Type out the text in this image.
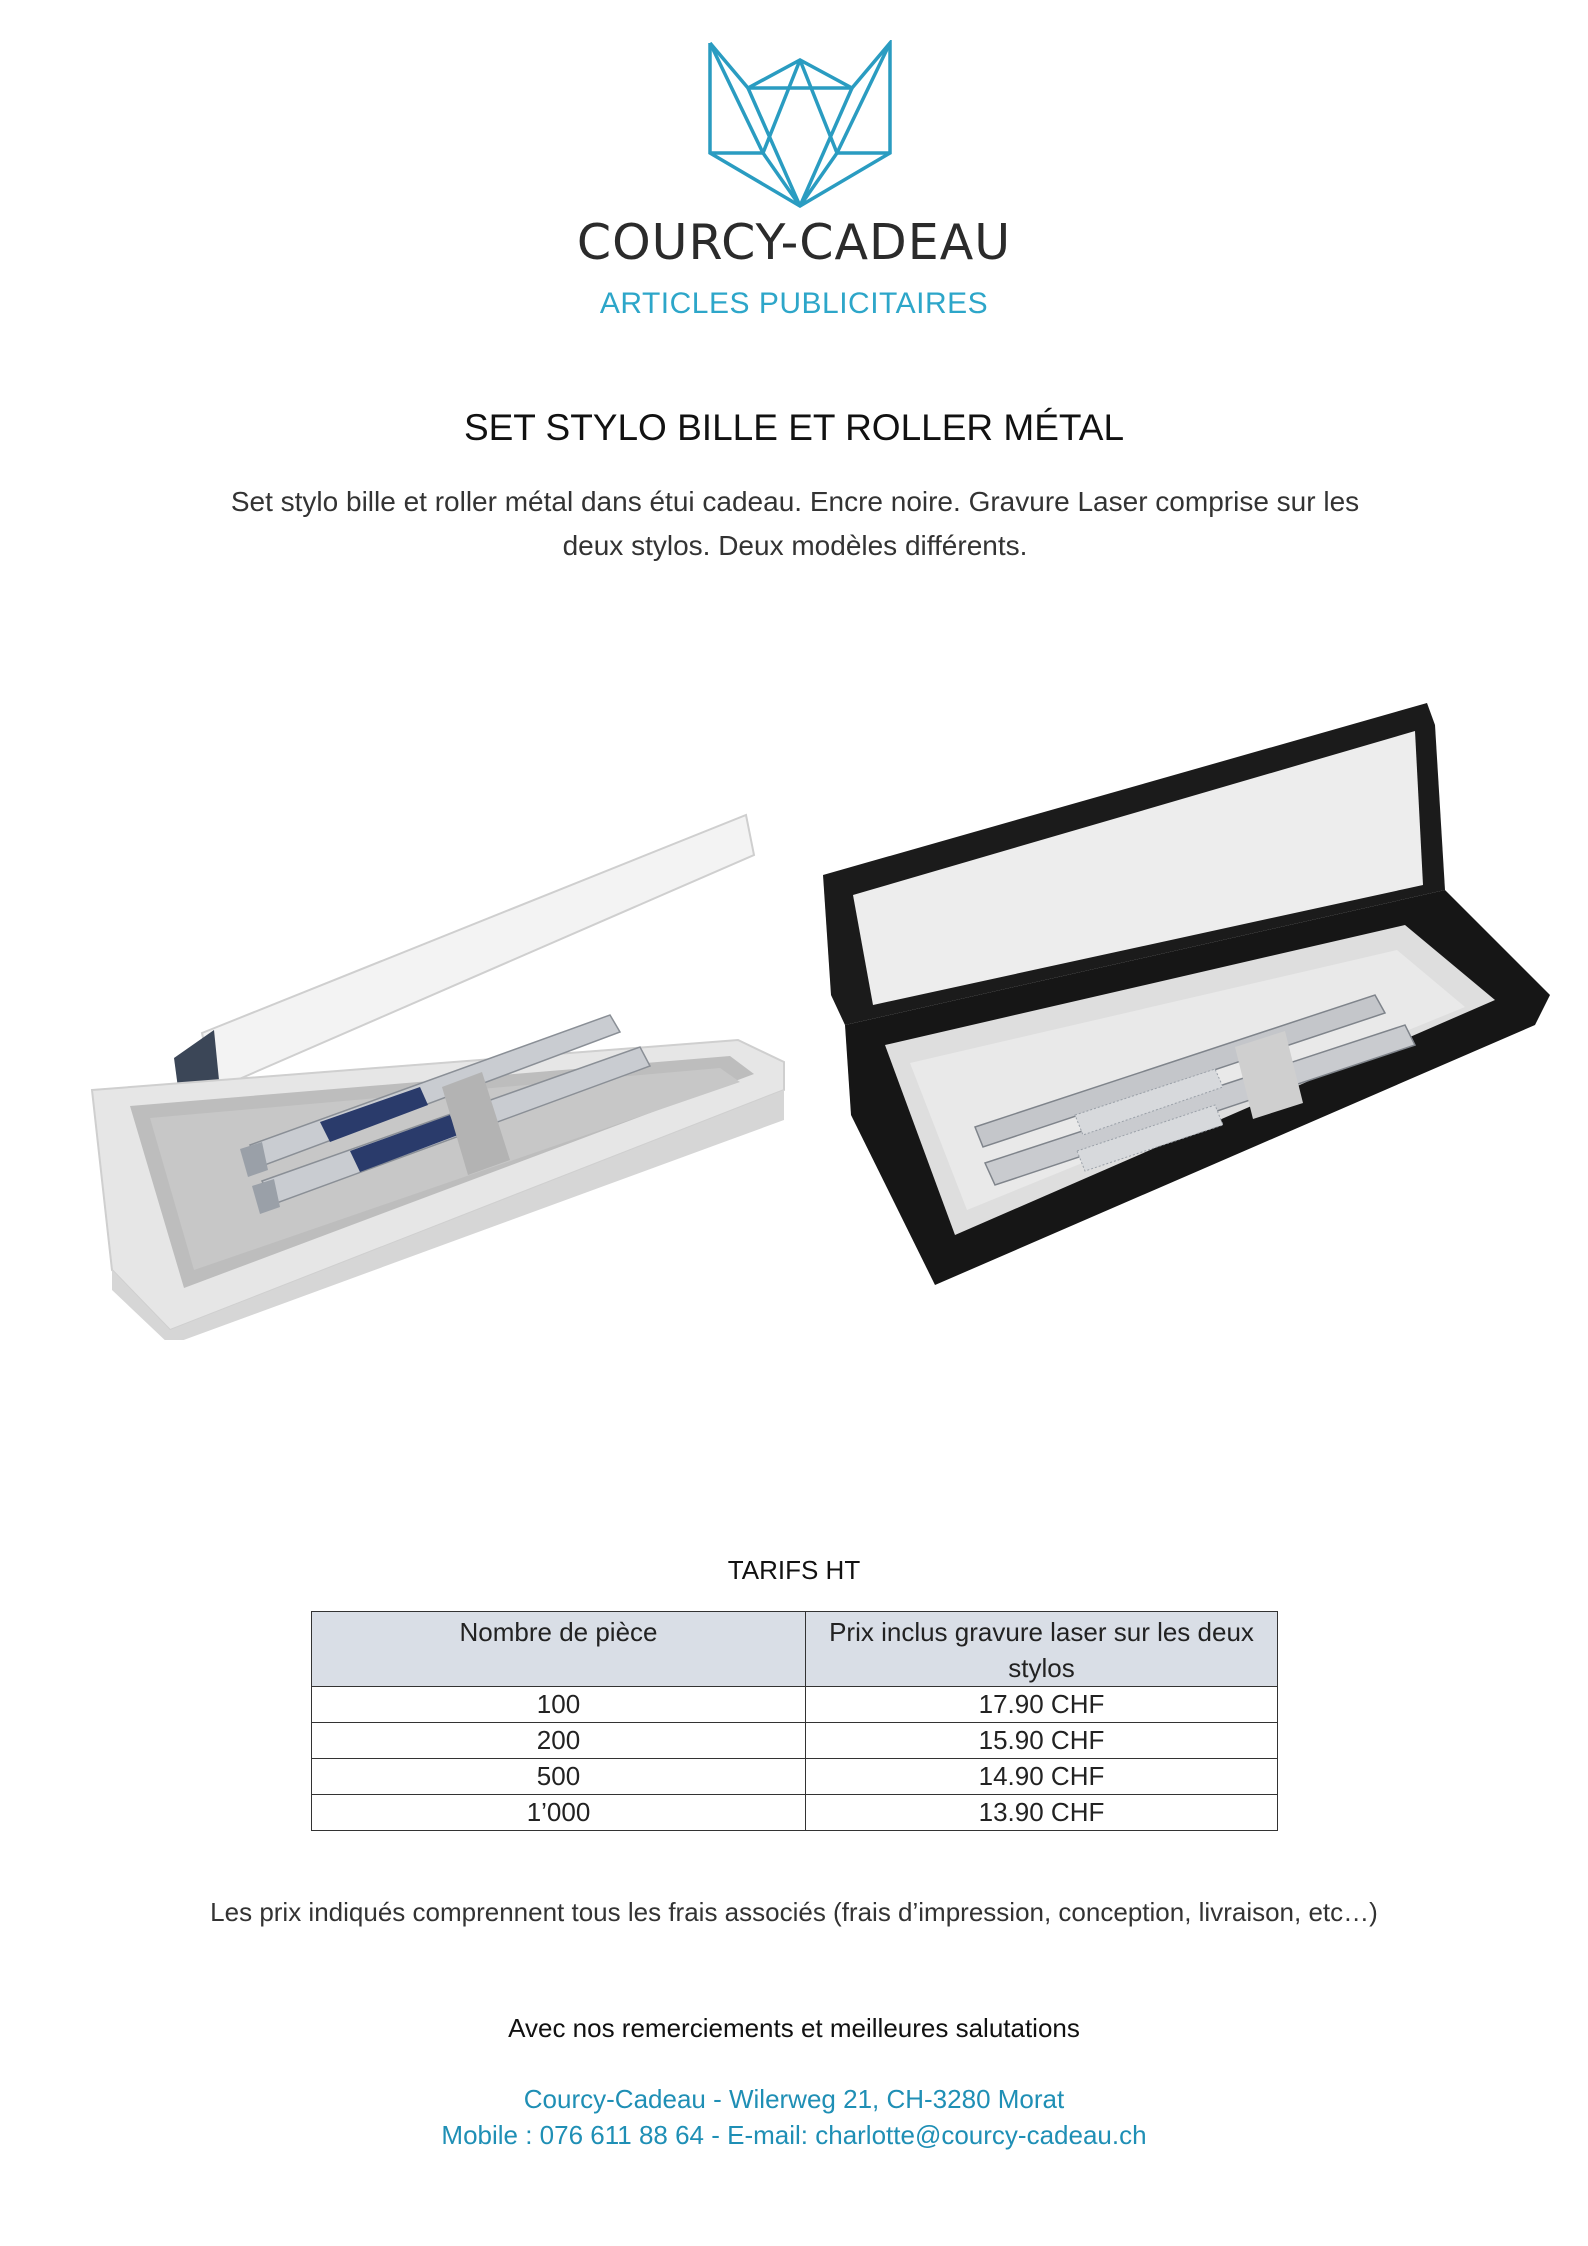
COURCY-CADEAU
ARTICLES PUBLICITAIRES
SET STYLO BILLE ET ROLLER MÉTAL
Set stylo bille et roller métal dans étui cadeau. Encre noire. Gravure Laser comprise sur les deux stylos. Deux modèles différents.
TARIFS HT
Nombre de pièce	Prix inclus gravure laser sur les deux stylos
100	17.90 CHF
200	15.90 CHF
500	14.90 CHF
1’000	13.90 CHF
Les prix indiqués comprennent tous les frais associés (frais d’impression, conception, livraison, etc…)
Avec nos remerciements et meilleures salutations
Courcy-Cadeau - Wilerweg 21, CH-3280 Morat
Mobile : 076 611 88 64 - E-mail: charlotte@courcy-cadeau.ch
